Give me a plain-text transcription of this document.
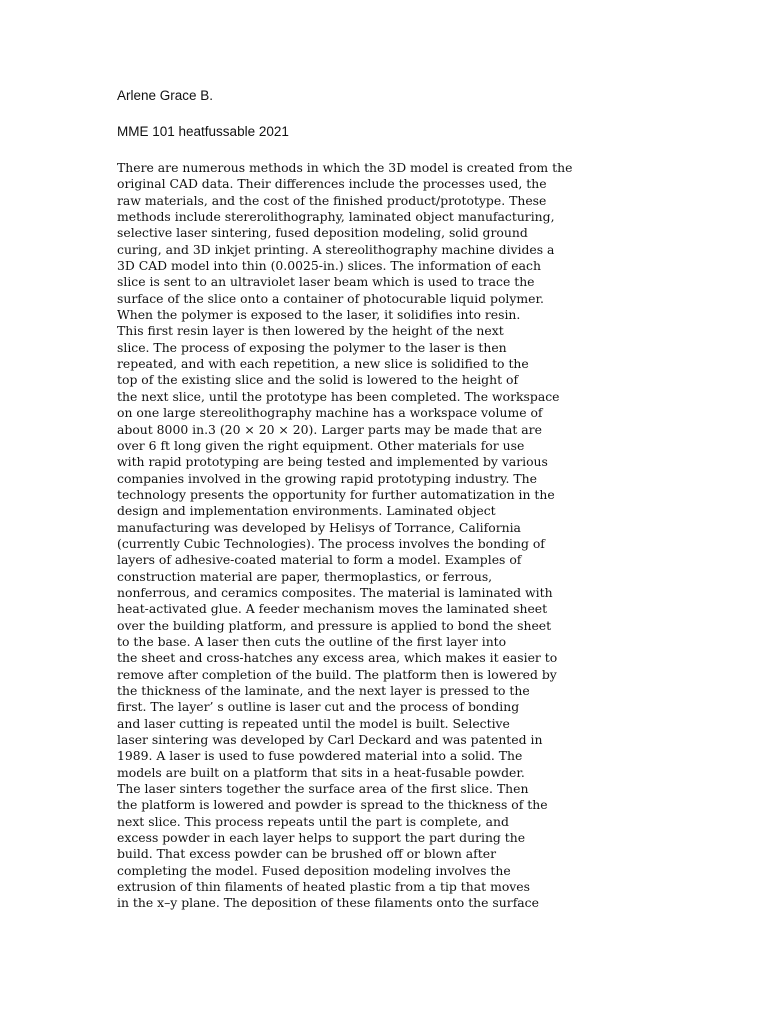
Arlene Grace B.
MME 101 heatfussable 2021
There are numerous methods in which the 3D model is created from the
original CAD data. Their differences include the processes used, the
raw materials, and the cost of the finished product/prototype. These
methods include stererolithography, laminated object manufacturing,
selective laser sintering, fused deposition modeling, solid ground
curing, and 3D inkjet printing. A stereolithography machine divides a
3D CAD model into thin (0.0025-in.) slices. The information of each
slice is sent to an ultraviolet laser beam which is used to trace the
surface of the slice onto a container of photocurable liquid polymer.
When the polymer is exposed to the laser, it solidifies into resin.
This first resin layer is then lowered by the height of the next
slice. The process of exposing the polymer to the laser is then
repeated, and with each repetition, a new slice is solidified to the
top of the existing slice and the solid is lowered to the height of
the next slice, until the prototype has been completed. The workspace
on one large stereolithography machine has a workspace volume of
about 8000 in.3 (20 × 20 × 20). Larger parts may be made that are
over 6 ft long given the right equipment. Other materials for use
with rapid prototyping are being tested and implemented by various
companies involved in the growing rapid prototyping industry. The
technology presents the opportunity for further automatization in the
design and implementation environments. Laminated object
manufacturing was developed by Helisys of Torrance, California
(currently Cubic Technologies). The process involves the bonding of
layers of adhesive-coated material to form a model. Examples of
construction material are paper, thermoplastics, or ferrous,
nonferrous, and ceramics composites. The material is laminated with
heat-activated glue. A feeder mechanism moves the laminated sheet
over the building platform, and pressure is applied to bond the sheet
to the base. A laser then cuts the outline of the first layer into
the sheet and cross-hatches any excess area, which makes it easier to
remove after completion of the build. The platform then is lowered by
the thickness of the laminate, and the next layer is pressed to the
first. The layer’ s outline is laser cut and the process of bonding
and laser cutting is repeated until the model is built. Selective
laser sintering was developed by Carl Deckard and was patented in
1989. A laser is used to fuse powdered material into a solid. The
models are built on a platform that sits in a heat-fusable powder.
The laser sinters together the surface area of the first slice. Then
the platform is lowered and powder is spread to the thickness of the
next slice. This process repeats until the part is complete, and
excess powder in each layer helps to support the part during the
build. That excess powder can be brushed off or blown after
completing the model. Fused deposition modeling involves the
extrusion of thin filaments of heated plastic from a tip that moves
in the x–y plane. The deposition of these filaments onto the surface
